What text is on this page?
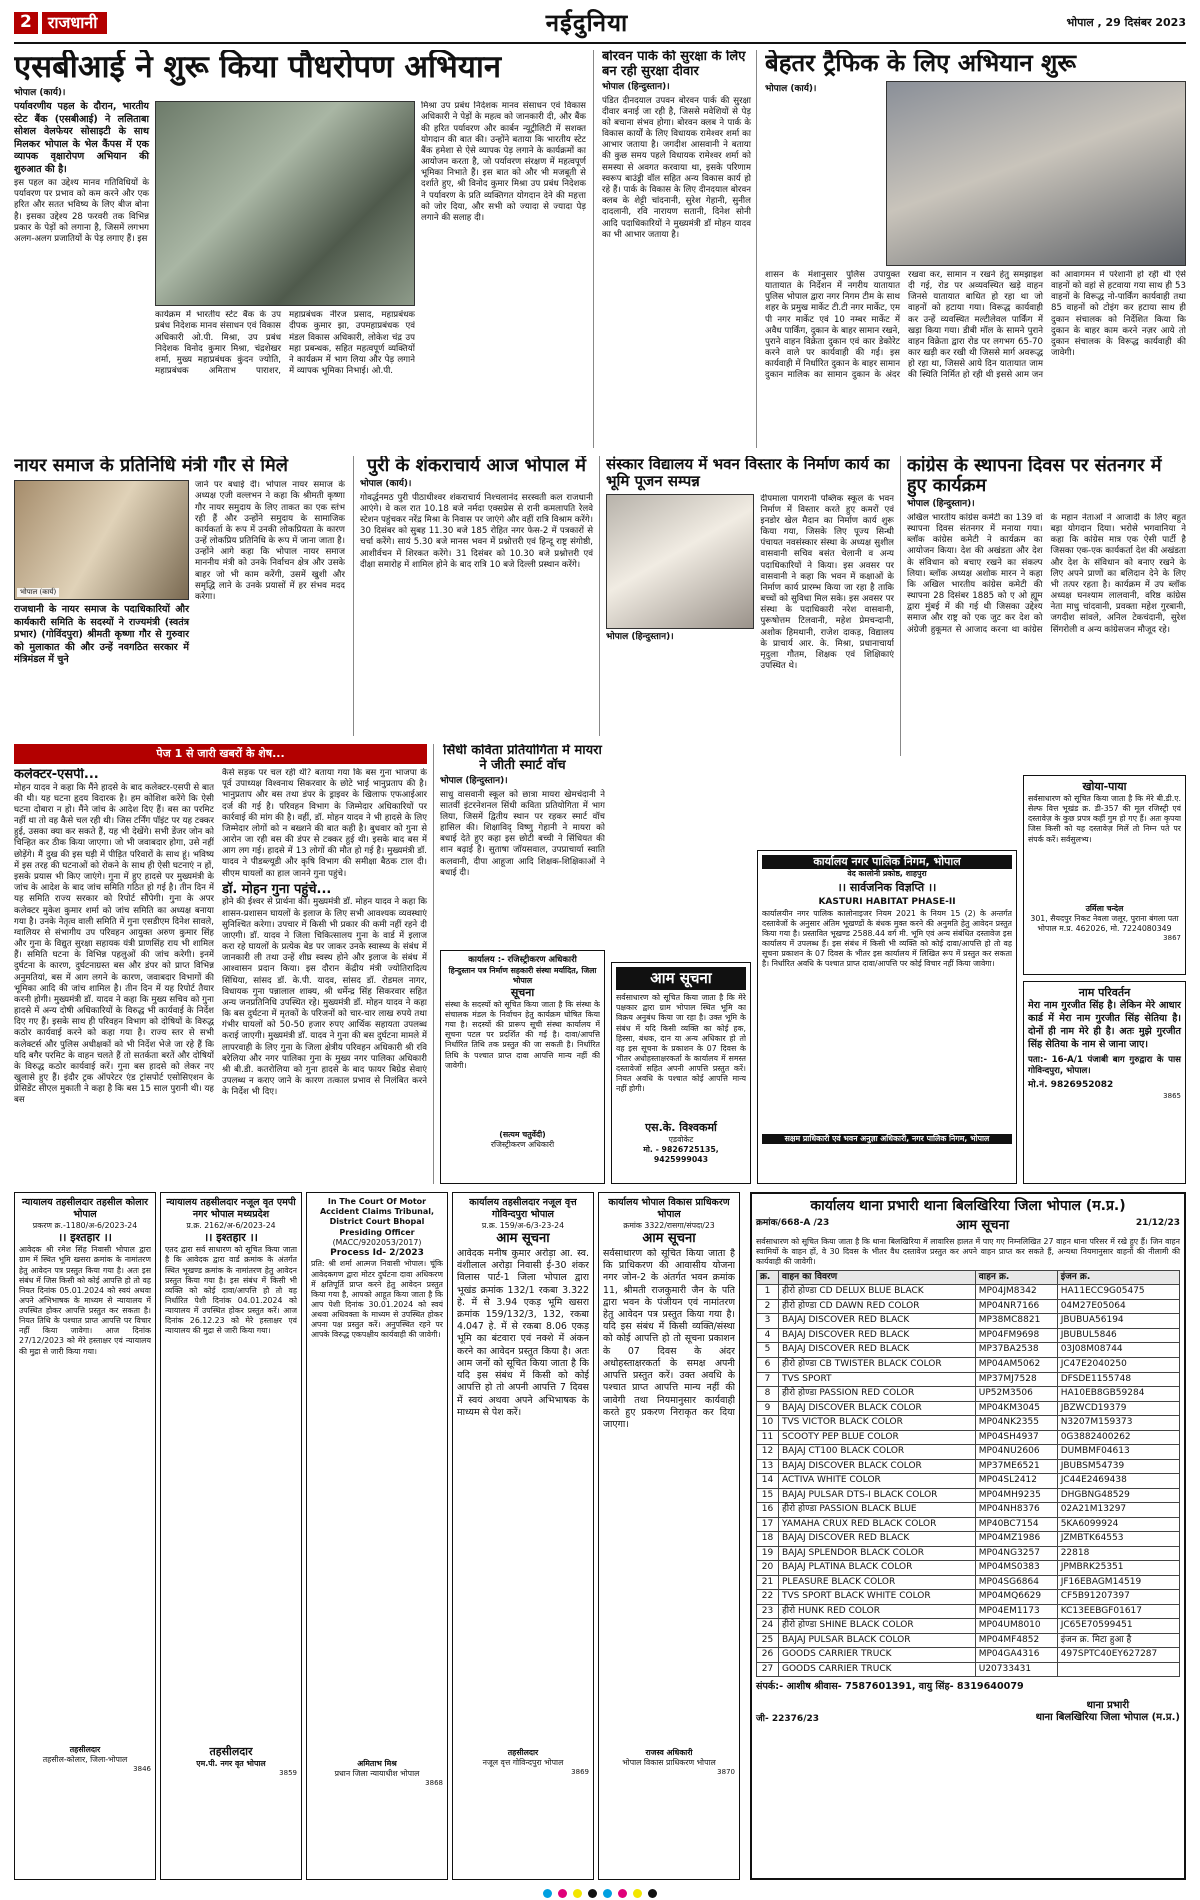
2	राजधानी	नईदुनिया	भोपाल , 29 दिसंबर 2023
एसबीआई ने शुरू किया पौधरोपण अभियान
भोपाल (कार्य)।

पर्यावरणीय पहल के दौरान, भारतीय स्टेट बैंक (एसबीआई) ने ललिताबा सोशल वेलफेयर सोसाइटी के साथ मिलकर भोपाल के भेल कैंपस में एक व्यापक वृक्षारोपण अभियान की शुरुआत की है।

इस पहल का उद्देश्य मानव गतिविधियों के पर्यावरण पर प्रभाव को कम करने और एक हरित और सतत भविष्य के लिए बीज बोना है। इसका उद्देश्य 28 फरवरी तक विभिन्न प्रकार के पेड़ों को लगाना है, जिसमें लगभग अलग-अलग प्रजातियों के पेड़ लगाए हैं। इस

कार्यक्रम में भारतीय स्टेट बैंक के उप प्रबंध निदेशक मानव संसाधन एवं विकास अधिकारी ओ.पी. मिश्रा, उप प्रबंध निदेशक विनोद कुमार मिश्रा, चंद्रशेखर शर्मा, मुख्य महाप्रबंधक कुंदन ज्योति, महाप्रबंधक अमिताभ पाराशर, महाप्रबंधक नीरज प्रसाद, महाप्रबंधक दीपक कुमार झा, उपमहाप्रबंधक एवं मंडल विकास अधिकारी, लोकेश चंद्र उप महा प्रबन्धक, सहित महत्वपूर्ण व्यक्तियों ने कार्यक्रम में भाग लिया और पेड़ लगाने में व्यापक भूमिका निभाई। ओ.पी.
मिश्रा उप प्रबंध निदेशक मानव संसाधन एवं विकास अधिकारी ने पेड़ों के महत्व को जानकारी दी, और बैंक की हरित पर्यावरण और कार्बन न्यूट्रीलिटी में सशक्त योगदान की बात की। उन्होंने बताया कि भारतीय स्टेट बैंक हमेशा से ऐसे व्यापक पेड़ लगाने के कार्यक्रमों का आयोजन करता है, जो पर्यावरण संरक्षण में महत्वपूर्ण भूमिका निभाते हैं। इस बात को और भी मजबूती से दर्शाते हुए, श्री विनोद कुमार मिश्रा उप प्रबंध निदेशक ने पर्यावरण के प्रति व्यक्तिगत योगदान देने की महत्ता को जोर दिया, और सभी को ज्यादा से ज्यादा पेड़ लगाने की सलाह दी।
बोरवन पार्क की सुरक्षा के लिए बन रही सुरक्षा दीवार
भोपाल (हिन्दुस्तान)।
पंडित दीनदयाल उपवन बोरवन पार्क की सुरक्षा दीवार बनाई जा रही है, जिससे मवेशियों से पेड़ को बचाना संभव होगा। बोरवन क्लब ने पार्क के विकास कार्यों के लिए विधायक रामेश्वर शर्मा का आभार जताया है। जगदीश आसवानी ने बताया की कुछ समय पहले विधायक रामेश्वर शर्मा को समस्या से अवगत करवाया था, इसके परिणाम स्वरूप बाउंड्री वॉल सहित अन्य विकास कार्य हो रहे हैं। पार्क के विकास के लिए दीनदयाल बोरवन क्लब के शेट्टी चांदनानी, सुरेश गेहानी, सुनील दादलानी, रवि नारायण सतानी, दिनेश सोनी आदि पदाधिकारियों ने मुख्यमंत्री डॉ मोहन यादव का भी आभार जताया है।
बेहतर ट्रैफिक के लिए अभियान शुरू
भोपाल (कार्य)।
शासन के मंशानुसार पुलिस उपायुक्त यातायात के निर्देशन में नगरीय यातायात पुलिस भोपाल द्वारा नगर निगम टीम के साथ शहर के प्रमुख मार्केट टी.टी नगर मार्केट, एम पी नगर मार्केट एवं 10 नम्बर मार्केट में अवैध पार्किंग, दुकान के बाहर सामान रखने, पुराने वाहन विक्रेता दुकान एवं कार डेकोरेट करने वाले पर कार्यवाही की गई। इस कार्यवाही में निर्धारित दुकान के बाहर सामान दुकान मालिक का सामान दुकान के अंदर रखवा कर, सामान न रखने हेतु समझाइश दी गई, रोड पर अव्यवस्थित खड़े वाहन जिनसे यातायात बाधित हो रहा था जो वाहनों को हटाया गया। विरूद्ध कार्यवाही कर उन्हें व्यवस्थित मल्टीलेवल पार्किंग में खड़ा किया गया। डीबी मॉल के सामने पुराने वाहन विक्रेता द्वारा रोड पर लगभग 65-70 कार खड़ी कर रखी थी जिससे मार्ग अवरूद्ध हो रहा था, जिससे आये दिन यातायात जाम की स्थिति निर्मित हो रही थी इससे आम जन को आवागमन में परेशानी हो रही थी ऐसे वाहनों को वहां से हटवाया गया साथ ही 53 वाहनों के विरूद्ध नो-पार्किंग कार्यवाही तथा 85 वाहनों को टोइंग कर हटाया साथ ही दुकान संचालक को निर्देशित किया कि दुकान के बाहर काम करने नज़र आये तो दुकान संचालक के विरूद्ध कार्यवाही की जावेगी।
नायर समाज के प्रतिनिधि मंत्री गौर से मिले
भोपाल (कार्य)
राजधानी के नायर समाज के पदाधिकारियों और कार्यकारी समिति के सदस्यों ने राज्यमंत्री (स्वतंत्र प्रभार) (गोविंदपुरा) श्रीमती कृष्णा गौर से गुरुवार को मुलाकात की और उन्हें नवगठित सरकार में मंत्रिमंडल में चुने
जाने पर बधाई दी। भोपाल नायर समाज के अध्यक्ष एजी वल्लभन ने कहा कि श्रीमती कृष्णा गौर नायर समुदाय के लिए ताकत का एक स्तंभ रही हैं और उन्होंने समुदाय के सामाजिक कार्यकर्ता के रूप में उनकी लोकप्रियता के कारण उन्हें लोकप्रिय प्रतिनिधि के रूप में जाना जाता है। उन्होंने आगे कहा कि भोपाल नायर समाज माननीय मंत्री को उनके निर्वाचन क्षेत्र और उसके बाहर जो भी काम करेंगी, उसमें खुशी और समृद्धि लाने के उनके प्रयासों में हर संभव मदद करेगा।
पुरी के शंकराचार्य आज भोपाल में
भोपाल (कार्य)।
गोवर्द्धनमठ पुरी पीठाधीश्वर शंकराचार्य निश्चलानंद सरस्वती कल राजधानी आएंगे। वे कल रात 10.18 बजे नर्मदा एक्सप्रेस से रानी कमलापति रेलवे स्टेशन पहुंचकर नरेंद्र मिश्रा के निवास पर जाएंगे और वहीं रात्रि विश्राम करेंगे। 30 दिसंबर को सुबह 11.30 बजे 185 रोहित नगर फेस-2 में पत्रकारों से चर्चा करेंगे। सायं 5.30 बजे मानस भवन में प्रश्नोत्तरी एवं हिन्दू राष्ट्र संगोष्ठी, आशीर्वचन में शिरकत करेंगे। 31 दिसंबर को 10.30 बजे प्रश्नोत्तरी एवं दीक्षा समारोह में शामिल होने के बाद रात्रि 10 बजे दिल्ली प्रस्थान करेंगे।
संस्कार विद्यालय में भवन विस्तार के निर्माण कार्य का भूमि पूजन सम्पन्न
भोपाल (हिन्दुस्तान)।
दीपमाला पागरानी पब्लिक स्कूल के भवन निर्माण में विस्तार करते हुए कमरों एवं इनडोर खेल मैदान का निर्माण कार्य शुरू किया गया, जिसके लिए पूज्य सिन्धी पंचायत नवसंस्कार संस्था के अध्यक्ष सुशील वासवानी सचिव बसंत चेलानी व अन्य पदाधिकारियों ने किया। इस अवसर पर वासवानी ने कहा कि भवन में कक्षाओं के निर्माण कार्य प्रारम्भ किया जा रहा है ताकि बच्चों को सुविधा मिल सके। इस अवसर पर संस्था के पदाधिकारी नरेश वासवानी, पुरूषोत्तम टिलवानी, महेश प्रेमचन्दानी, अशोक हिमथानी, राजेश दाकड़, विद्यालय के प्राचार्य आर. के. मिश्रा, प्रधानाचार्या मृदुला गौतम, शिक्षक एवं शिक्षिकाएं उपस्थित थे।
कांग्रेस के स्थापना दिवस पर संतनगर में हुए कार्यक्रम
भोपाल (हिन्दुस्तान)।
अखिल भारतीय कांग्रेस कमेटी का 139 वां स्थापना दिवस संतनगर में मनाया गया। ब्लॉक कांग्रेस कमेटी ने कार्यक्रम का आयोजन किया। देश की अखंडता और देश के संविधान को बचाए रखने का संकल्प लिया। ब्लॉक अध्यक्ष अशोक मारन ने कहा कि अखिल भारतीय कांग्रेस कमेटी की स्थापना 28 दिसंबर 1885 को ए ओ ह्यूम द्वारा मुंबई में की गई थी जिसका उद्देश्य समाज और राष्ट्र को एक जुट कर देश को अंग्रेजी हुकूमत से आजाद करना था कांग्रेस के महान नेताओं ने आजादी के लिए बहुत बड़ा योगदान दिया। भरोसे भगवानिया ने कहा कि कांग्रेस मात्र एक ऐसी पार्टी है जिसका एक-एक कार्यकर्ता देश की अखंडता और देश के संविधान को बनाए रखने के लिए अपने प्राणों का बलिदान देने के लिए भी तत्पर रहता है। कार्यक्रम में उप ब्लॉक अध्यक्ष घनश्याम लालवानी, वरिष्ठ कांग्रेस नेता माधु चांदवानी, प्रवक्ता महेश गुरबानी, जगदीश सांवले, अनिल टेकचंदानी, सुरेश सिंगरोली व अन्य कांग्रेसजन मौजूद रहे।
पेज 1 से जारी खबरों के शेष...
कलेक्टर-एसपी...
मोहन यादव ने कहा कि मैंने हादसे के बाद कलेक्टर-एसपी से बात की थी। यह घटना हृदय विदारक है। हम कोशिश करेंगे कि ऐसी घटना दोबारा न हो। मैंने जांच के आदेश दिए हैं। बस का परमिट नहीं था तो वह कैसे चल रही थी। जिस टर्निंग पॉइंट पर यह टक्कर हुई, उसका क्या कर सकते हैं, यह भी देखेंगे। सभी डेंजर जोन को चिन्हित कर ठीक किया जाएगा। जो भी जवाबदार होगा, उसे नहीं छोड़ेंगे। मैं दुख की इस घड़ी में पीड़ित परिवारों के साथ हूं। भविष्य में इस तरह की घटनाओं को रोकने के साथ ही ऐसी घटनाएं न हों, इसके प्रयास भी किए जाएंगे। गुना में हुए हादसे पर मुख्यमंत्री के जांच के आदेश के बाद जांच समिति गठित हो गई है। तीन दिन में यह समिति राज्य सरकार को रिपोर्ट सौंपेगी। गुना के अपर कलेक्टर मुकेश कुमार शर्मा को जांच समिति का अध्यक्ष बनाया गया है। उनके नेतृत्व वाली समिति में गुना एसडीएम दिनेश सावले, ग्वालियर से संभागीय उप परिवहन आयुक्त अरुण कुमार सिंह और गुना के विद्युत सुरक्षा सहायक यंत्री प्राणसिंह राय भी शामिल हैं। समिति घटना के विभिन्न पहलुओं की जांच करेगी। इनमें दुर्घटना के कारण, दुर्घटनाग्रस्त बस और डंपर को प्राप्त विभिन्न अनुमतियां, बस में आग लगने के कारण, जवाबदार विभागों की भूमिका आदि की जांच शामिल है। तीन दिन में यह रिपोर्ट तैयार करनी होगी। मुख्यमंत्री डॉ. यादव ने कहा कि मुख्य सचिव को गुना हादसे में अन्य दोषी अधिकारियों के विरुद्ध भी कार्यवाई के निर्देश दिए गए हैं। इसके साथ ही परिवहन विभाग को दोषियों के विरुद्ध कठोर कार्यवाई करने को कहा गया है। राज्य स्तर से सभी कलेक्टर्स और पुलिस अधीक्षकों को भी निर्देश भेजे जा रहे हैं कि यदि बगैर परमिट के वाहन चलते हैं तो सतर्कता बरतें और दोषियों के विरुद्ध कठोर कार्यवाई करें। गुना बस हादसे को लेकर नए खुलासे हुए हैं। इंदौर ट्रक ऑपरेटर एंड ट्रांसपोर्ट एसोसिएशन के प्रेसिडेंट सीएल मुकाती ने कहा है कि बस 15 साल पुरानी थी। यह बस
कैसे सड़क पर चल रही थी? बताया गया कि बस गुना भाजपा के पूर्व उपाध्यक्ष विश्वनाथ सिकरवार के छोटे भाई भानुप्रताप की है। भानुप्रताप और बस तथा डंपर के ड्राइवर के खिलाफ एफआईआर दर्ज की गई है। परिवहन विभाग के जिम्मेदार अधिकारियों पर कार्रवाई की मांग की है। वहीं, डॉ. मोहन यादव ने भी हादसे के लिए जिम्मेदार लोगों को न बख्शने की बात कही है। बुधवार को गुना से आरोन जा रही बस की डंपर से टक्कर हुई थी। इसके बाद बस में आग लग गई। हादसे में 13 लोगों की मौत हो गई है। मुख्यमंत्री डॉ. यादव ने पीडब्ल्यूडी और कृषि विभाग की समीक्षा बैठक टाल दी। सीएम घायलों का हाल जानने गुना पहुंचे।
डॉ. मोहन गुना पहुंचे...
होने की ईश्वर से प्रार्थना की। मुख्यमंत्री डॉ. मोहन यादव ने कहा कि शासन-प्रशासन घायलों के इलाज के लिए सभी आवश्यक व्यवस्थाएं सुनिश्चित करेगा। उपचार में किसी भी प्रकार की कमी नहीं रहने दी जाएगी। डॉ. यादव ने जिला चिकित्सालय गुना के वार्ड में इलाज करा रहे घायलों के प्रत्येक बेड पर जाकर उनके स्वास्थ्य के संबंध में जानकारी ली तथा उन्हें शीघ्र स्वस्थ होने और इलाज के संबंध में आश्वासन प्रदान किया। इस दौरान केंद्रीय मंत्री ज्योतिरादित्य सिंधिया, सांसद डॉ. के.पी. यादव, सांसद डॉ. रोडमल नागर, विधायक गुना पन्नालाल शाक्य, श्री धर्मेन्द्र सिंह सिकरवार सहित अन्य जनप्रतिनिधि उपस्थित रहे। मुख्यमंत्री डॉ. मोहन यादव ने कहा कि बस दुर्घटना में मृतकों के परिजनों को चार-चार लाख रुपये तथा गंभीर घायलों को 50-50 हजार रुपए आर्थिक सहायता उपलब्ध कराई जाएगी। मुख्यमंत्री डॉ. यादव ने गुना की बस दुर्घटना मामले में लापरवाही के लिए गुना के जिला क्षेत्रीय परिवहन अधिकारी श्री रवि बरेलिया और नगर पालिका गुना के मुख्य नगर पालिका अधिकारी श्री बी.डी. कतरोलिया को गुना हादसे के बाद फायर बिग्रेड सेवाएं उपलब्ध न कराए जाने के कारण तत्काल प्रभाव से निलंबित करने के निर्देश भी दिए।
सिंधी कविता प्रतियोगिता में मायरा ने जीती स्मार्ट वॉच
भोपाल (हिन्दुस्तान)।
साधु वासवानी स्कूल को छात्रा मायरा खेमचंदानी ने सातवीं इंटरनेशनल सिंधी कविता प्रतियोगिता में भाग लिया, जिसमें द्वितीय स्थान पर रहकर स्मार्ट वॉच हासिल की। शिक्षाविद् विष्णु गेहानी ने मायरा को बधाई देते हुए कहा इस छोटी बच्ची ने सिंधियत की शान बढ़ाई है। सुताषा जॉयसवाल, उपप्राचार्या स्वाति कलवानी, दीपा आहूजा आदि शिक्षक-शिक्षिकाओं ने बधाई दी।
कार्यालय :- रजिस्ट्रीकरण अधिकारी
हिन्दुस्तान पत्र निर्माण सहकारी संस्था मर्यादित, जिला भोपाल
सूचना
संस्था के सदस्यों को सूचित किया जाता है कि संस्था के संचालक मंडल के निर्वाचन हेतु कार्यक्रम घोषित किया गया है। सदस्यों की प्रारूप सूची संस्था कार्यालय में सूचना पटल पर प्रदर्शित की गई है। दावा/आपत्ति निर्धारित तिथि तक प्रस्तुत की जा सकती है। निर्धारित तिथि के पश्चात प्राप्त दावा आपत्ति मान्य नहीं की जावेगी।
(सत्यम चतुर्वेदी)
रजिस्ट्रीकरण अधिकारी
आम सूचना
सर्वसाधारण को सूचित किया जाता है कि मेरे पक्षकार द्वारा ग्राम भोपाल स्थित भूमि का विक्रय अनुबंध किया जा रहा है। उक्त भूमि के संबंध में यदि किसी व्यक्ति का कोई हक, हिस्सा, बंधक, दान या अन्य अधिकार हो तो वह इस सूचना के प्रकाशन के 07 दिवस के भीतर अधोहस्ताक्षरकर्ता के कार्यालय में समस्त दस्तावेजों सहित अपनी आपत्ति प्रस्तुत करें। नियत अवधि के पश्चात कोई आपत्ति मान्य नहीं होगी।
एस.के. विश्वकर्मा
एडवोकेट
मो. - 9826725135, 9425999043
कार्यालय नगर पालिक निगम, भोपाल
वेद कालोनी प्रकोष्ठ, शाहपुरा
।। सार्वजनिक विज्ञप्ति ।।
KASTURI HABITAT PHASE-II
कार्यालयीन नगर पालिक कालोनाइजर नियम 2021 के नियम 15 (2) के अन्तर्गत दस्तावेजों के अनुसार अंतिम भूखण्डों के बंधक मुक्त करने की अनुमति हेतु आवेदन प्रस्तुत किया गया है। प्रस्तावित भूखण्ड 2588.44 वर्ग मी. भूमि एवं अन्य संबंधित दस्तावेज इस कार्यालय में उपलब्ध हैं। इस संबंध में किसी भी व्यक्ति को कोई दावा/आपत्ति हो तो वह सूचना प्रकाशन के 07 दिवस के भीतर इस कार्यालय में लिखित रूप में प्रस्तुत कर सकता है। निर्धारित अवधि के पश्चात प्राप्त दावा/आपत्ति पर कोई विचार नहीं किया जावेगा।
सक्षम प्राधिकारी एवं भवन अनुज्ञा अधिकारी, नगर पालिक निगम, भोपाल
खोया-पाया
सर्वसाधारण को सूचित किया जाता है कि मेरे बी.डी.ए. सेल्फ वित्त भूखंड क्र. डी-357 की मूल रजिस्ट्री एवं दस्तावेज़ के कुछ प्रपत्र कहीं गुम हो गए हैं। अतः कृपया जिस किसी को यह दस्तावेज़ मिलें तो निम्न पते पर संपर्क करें। सर्वसुलभ्य।
उर्मिला चन्देल
301, सैयदपुर निकट नेवला जलूर, पुराना बंगला पता भोपाल म.प्र. 462026, मो. 7224080349
3867
नाम परिवर्तन
मेरा नाम गुरजीत सिंह है। लेकिन मेरे आधार कार्ड में मेरा नाम गुरजीत सिंह सेतिया है। दोनों ही नाम मेरे ही है। अतः मुझे गुरजीत सिंह सेतिया के नाम से जाना जाए।
पता:- 16-A/1 पंजाबी बाग गुरुद्वारा के पास गोविन्दपुरा, भोपाल।
मो.नं. 9826952082
3865
न्यायालय तहसीलदार तहसील कोलार भोपाल
प्रकरण क्र.-1180/अ-6/2023-24
।। इश्तहार ।।
आवेदक श्री रमेश सिंह निवासी भोपाल द्वारा ग्राम में स्थित भूमि खसरा क्रमांक के नामांतरण हेतु आवेदन पत्र प्रस्तुत किया गया है। अतः इस संबंध में जिस किसी को कोई आपत्ति हो तो वह नियत दिनांक 05.01.2024 को स्वयं अथवा अपने अभिभाषक के माध्यम से न्यायालय में उपस्थित होकर आपत्ति प्रस्तुत कर सकता है। नियत तिथि के पश्चात प्राप्त आपत्ति पर विचार नहीं किया जावेगा। आज दिनांक 27/12/2023 को मेरे हस्ताक्षर एवं न्यायालय की मुद्रा से जारी किया गया।
तहसीलदार
तहसील-कोलार, जिला-भोपाल
3846
न्यायालय तहसीलदार नजूल वृत एमपी नगर भोपाल मध्यप्रदेश
प्र.क्र. 2162/अ-6/2023-24
।। इश्तहार ।।
एतद द्वारा सर्व साधारण को सूचित किया जाता है कि आवेदक द्वारा वार्ड क्रमांक के अंतर्गत स्थित भूखण्ड क्रमांक के नामांतरण हेतु आवेदन प्रस्तुत किया गया है। इस संबंध में किसी भी व्यक्ति को कोई दावा/आपत्ति हो तो वह निर्धारित पेशी दिनांक 04.01.2024 को न्यायालय में उपस्थित होकर प्रस्तुत करें। आज दिनांक 26.12.23 को मेरे हस्ताक्षर एवं न्यायालय की मुद्रा से जारी किया गया।
तहसीलदार
एम.पी. नगर वृत भोपाल
3859
In The Court Of Motor Accident Claims Tribunal, District Court Bhopal Presiding Officer
(MACC/9202053/2017)
Process Id- 2/2023
प्रति: श्री शर्मा आत्मज निवासी भोपाल। चूंकि आवेदकगण द्वारा मोटर दुर्घटना दावा अधिकरण में क्षतिपूर्ति प्राप्त करने हेतु आवेदन प्रस्तुत किया गया है, आपको आहूत किया जाता है कि आप पेशी दिनांक 30.01.2024 को स्वयं अथवा अधिवक्ता के माध्यम से उपस्थित होकर अपना पक्ष प्रस्तुत करें। अनुपस्थित रहने पर आपके विरुद्ध एकपक्षीय कार्यवाही की जावेगी।
अमिताभ मिश्र
प्रधान जिला न्यायाधीश भोपाल
3868
कार्यालय तहसीलदार नजूल वृत्त गोविन्दपुरा भोपाल
प्र.क्र. 159/अ-6/3-23-24
आम सूचना
आवेदक मनीष कुमार अरोड़ा आ. स्व. वंशीलाल अरोड़ा निवासी ई-30 शंकर विलास पार्ट-1 जिला भोपाल द्वारा भूखंड क्रमांक 132/1 रकबा 3.322 हे. में से 3.94 एकड़ भूमि खसरा क्रमांक 159/132/3, 132, रकबा 4.047 हे. में से रकबा 8.06 एकड़ भूमि का बंटवारा एवं नक्शे में अंकन करने का आवेदन प्रस्तुत किया है। अतः आम जनों को सूचित किया जाता है कि यदि इस संबंध में किसी को कोई आपत्ति हो तो अपनी आपत्ति 7 दिवस में स्वयं अथवा अपने अभिभाषक के माध्यम से पेश करें।
तहसीलदार
नजूल वृत्त गोविन्दपुरा भोपाल
3869
कार्यालय भोपाल विकास प्राधिकरण भोपाल
क्रमांक 3322/रासगा/संपदा/23
आम सूचना
सर्वसाधारण को सूचित किया जाता है कि प्राधिकरण की आवासीय योजना नगर जोन-2 के अंतर्गत भवन क्रमांक 11, श्रीमती राजकुमारी जैन के पति द्वारा भवन के पंजीयन एवं नामांतरण हेतु आवेदन पत्र प्रस्तुत किया गया है। यदि इस संबंध में किसी व्यक्ति/संस्था को कोई आपत्ति हो तो सूचना प्रकाशन के 07 दिवस के अंदर अधोहस्ताक्षरकर्ता के समक्ष अपनी आपत्ति प्रस्तुत करें। उक्त अवधि के पश्चात प्राप्त आपत्ति मान्य नहीं की जावेगी तथा नियमानुसार कार्यवाही करते हुए प्रकरण निराकृत कर दिया जाएगा।
राजस्व अधिकारी
भोपाल विकास प्राधिकरण भोपाल
3870
कार्यालय थाना प्रभारी थाना बिलखिरिया जिला भोपाल (म.प्र.)
क्रमांक/668-A /23	आम सूचना	21/12/23
सर्वसाधारण को सूचित किया जाता है कि थाना बिलखिरिया में लावारिस हालत में पाए गए निम्नलिखित 27 वाहन थाना परिसर में रखे हुए हैं। जिन वाहन स्वामियों के वाहन हों, वे 30 दिवस के भीतर वैध दस्तावेज प्रस्तुत कर अपने वाहन प्राप्त कर सकते हैं, अन्यथा नियमानुसार वाहनों की नीलामी की कार्यवाही की जावेगी।
क्र.	वाहन का विवरण	वाहन क्र.	इंजन क्र.
1	हीरो होण्डा CD DELUX BLUE BLACK	MP04JM8342	HA11ECC9G05475
2	हीरो होण्डा CD DAWN RED COLOR	MP04NR7166	04M27E05064
3	BAJAJ DISCOVER RED BLACK	MP38MC8821	JBUBUA56194
4	BAJAJ DISCOVER RED BLACK	MP04FM9698	JBUBUL5846
5	BAJAJ DISCOVER RED BLACK	MP37BA2538	03J08M08744
6	हीरो होण्डा CB TWISTER BLACK COLOR	MP04AM5062	JC47E2040250
7	TVS SPORT	MP37MJ7528	DFSDE1155748
8	हीरो होण्डा PASSION RED COLOR	UP52M3506	HA10EB8GB59284
9	BAJAJ DISCOVER BLACK COLOR	MP04KM3045	JBZWCD19379
10	TVS VICTOR BLACK COLOR	MP04NK2355	N3207M159373
11	SCOOTY PEP BLUE COLOR	MP04SH4937	0G3882400262
12	BAJAJ CT100 BLACK COLOR	MP04NU2606	DUMBMF04613
13	BAJAJ DISCOVER BLACK COLOR	MP37ME6521	JBUBSM54739
14	ACTIVA WHITE COLOR	MP04SL2412	JC44E2469438
15	BAJAJ PULSAR DTS-I BLACK COLOR	MP04MH9235	DHGBNG48529
16	हीरो होण्डा PASSION BLACK BLUE	MP04NH8376	02A21M13297
17	YAMAHA CRUX RED BLACK COLOR	MP40BC7154	5KA6099924
18	BAJAJ DISCOVER RED BLACK	MP04MZ1986	JZMBTK64553
19	BAJAJ SPLENDOR BLACK COLOR	MP04NG3257	22818
20	BAJAJ PLATINA BLACK COLOR	MP04MS0383	JPMBRK25351
21	PLEASURE BLACK COLOR	MP04SG6864	JF16EBAGM14519
22	TVS SPORT BLACK WHITE COLOR	MP04MQ6629	CF5B91207397
23	हीरो HUNK RED COLOR	MP04EM1173	KC13EEBGF01617
24	हीरो होण्डा SHINE BLACK COLOR	MP04UM8010	JC65E70599451
25	BAJAJ PULSAR BLACK COLOR	MP04MF4852	इंजन क्र. मिटा हुआ है
26	GOODS CARRIER TRUCK	MP04GA4316	497SPTC40EY627287
27	GOODS CARRIER TRUCK	U20733431	
संपर्क:- आशीष श्रीवास- 7587601391, वायु सिंह- 8319640079
जी- 22376/23
थाना प्रभारी
थाना बिलखिरिया जिला भोपाल (म.प्र.)
